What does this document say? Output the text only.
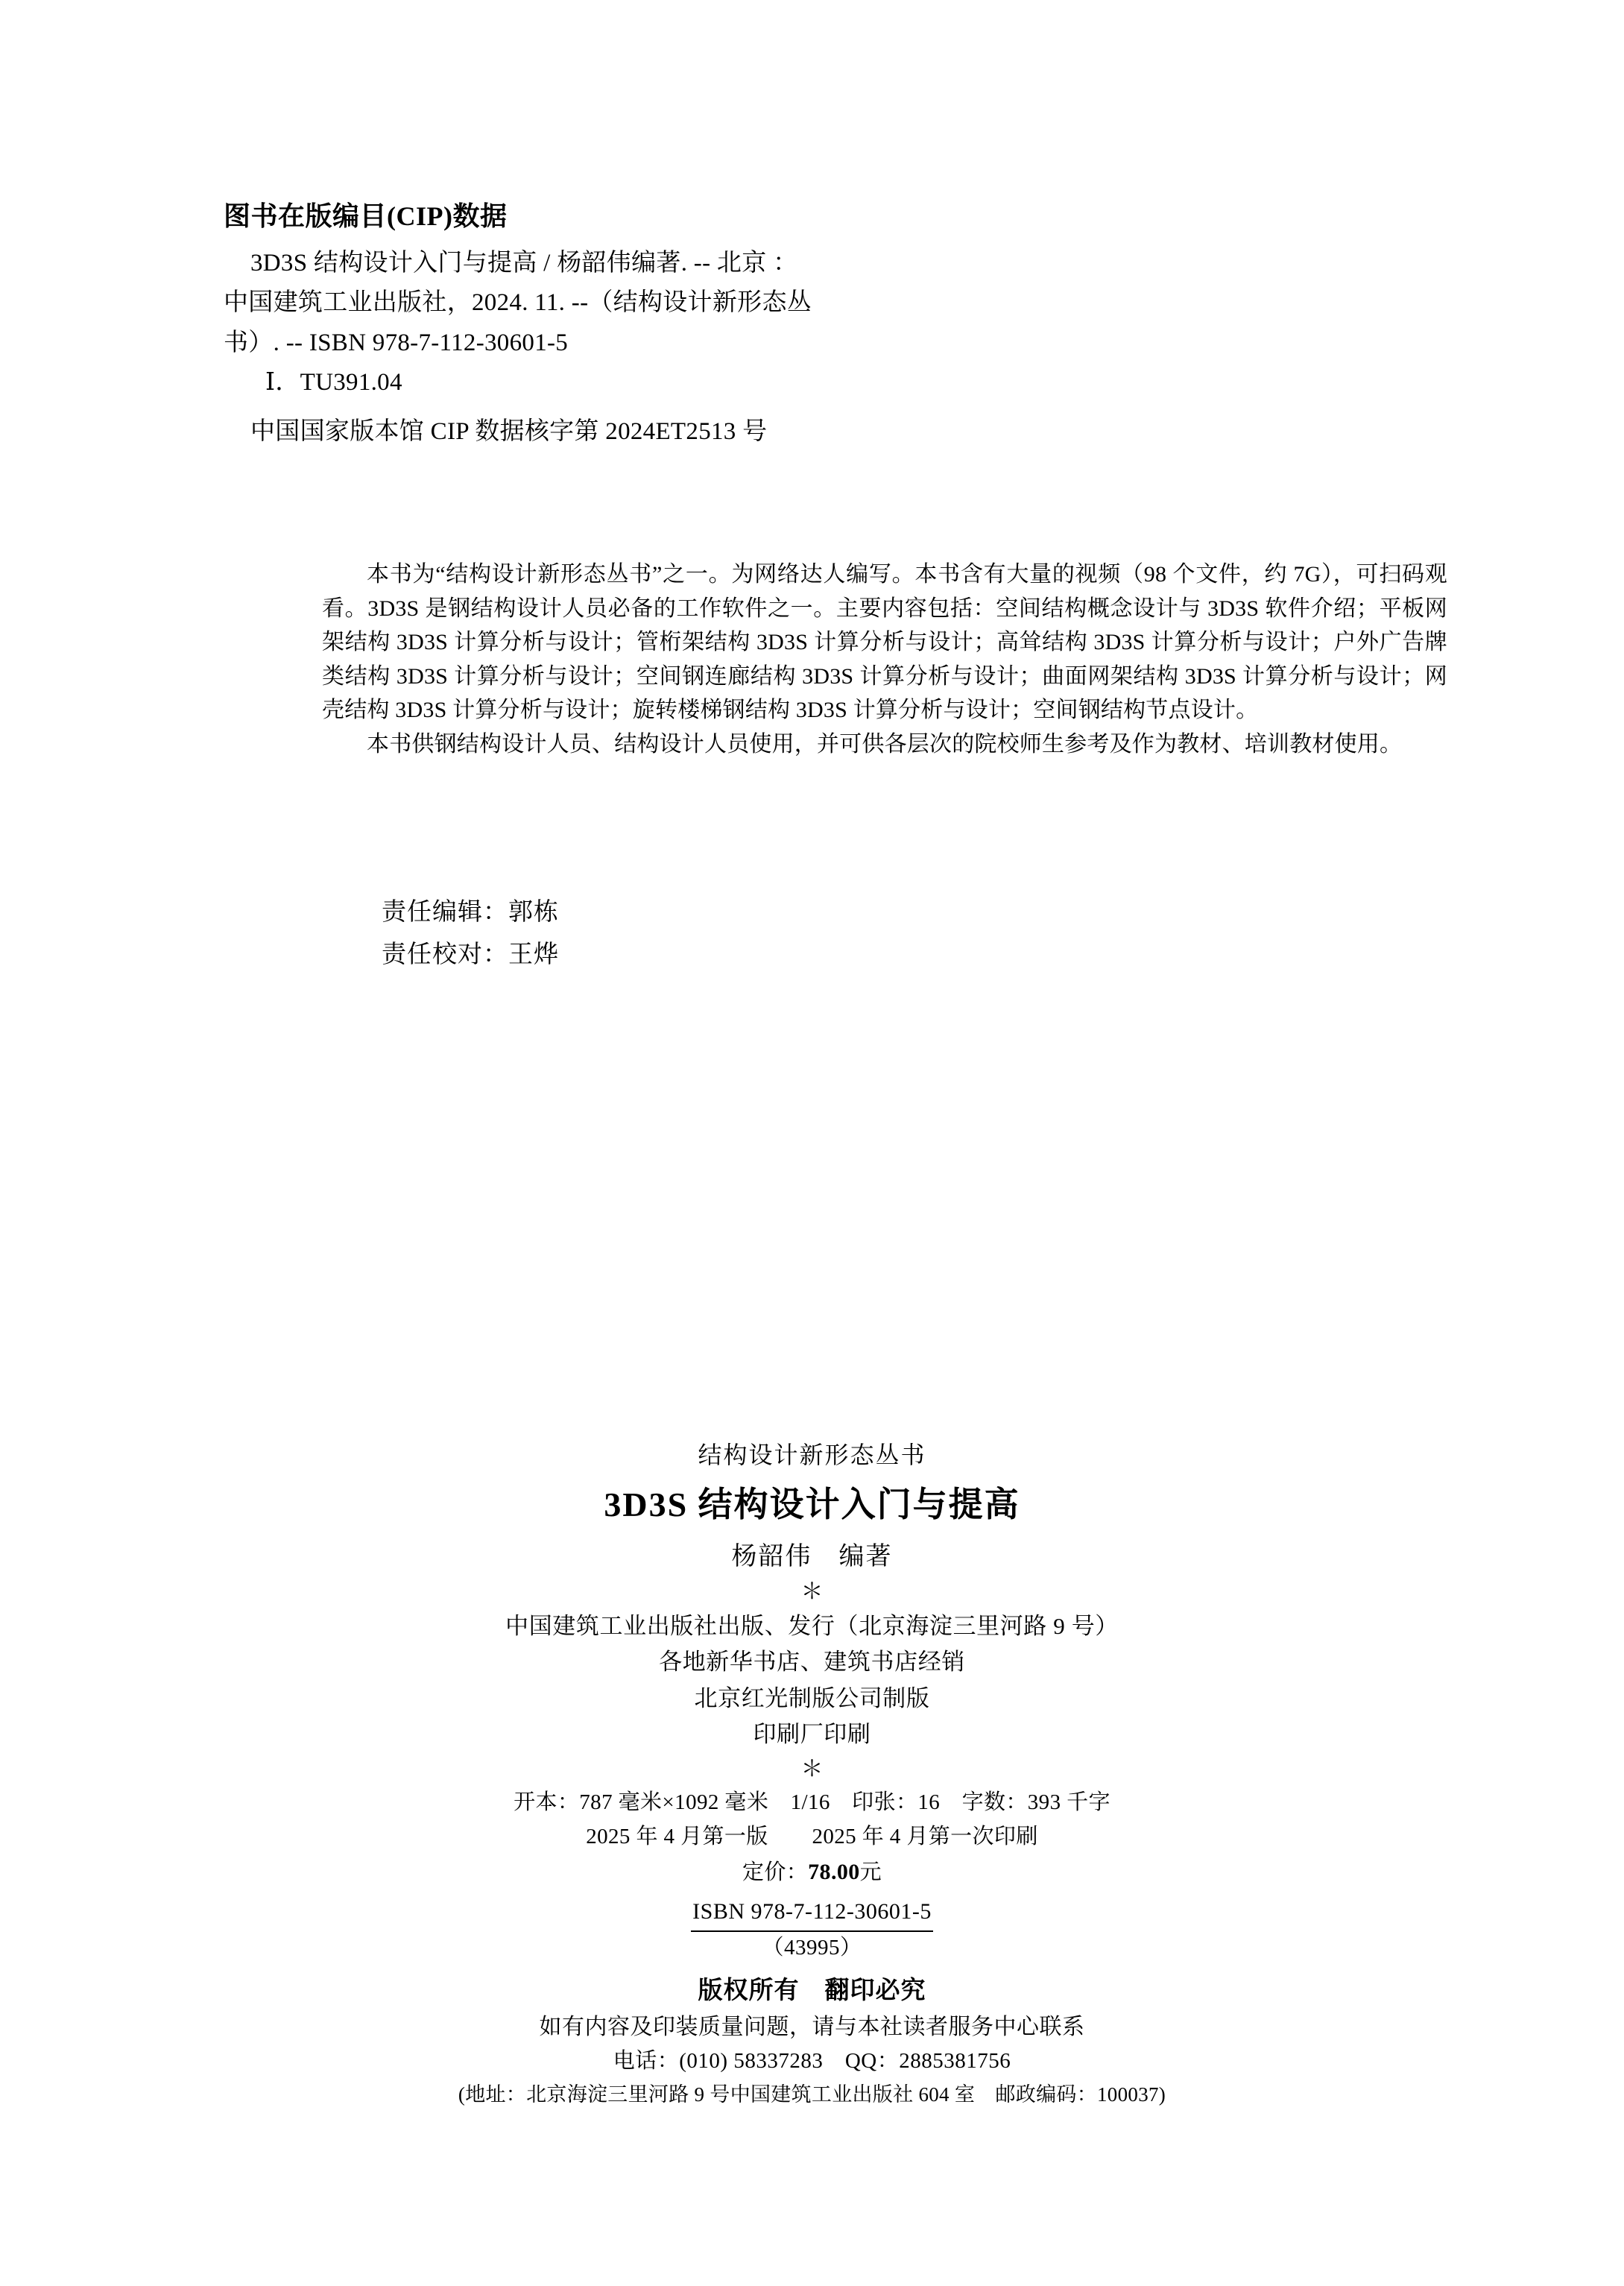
图书在版编目(CIP)数据
3D3S 结构设计入门与提高 / 杨韶伟编著. -- 北京 ：
中国建筑工业出版社，2024. 11. --（结构设计新形态丛
书）. -- ISBN 978-7-112-30601-5
Ⅰ．TU391.04
中国国家版本馆 CIP 数据核字第 2024ET2513 号

本书为“结构设计新形态丛书”之一。为网络达人编写。本书含有大量的视频（98 个文件，约 7G），可扫码观看。3D3S 是钢结构设计人员必备的工作软件之一。主要内容包括：空间结构概念设计与 3D3S 软件介绍；平板网架结构 3D3S 计算分析与设计；管桁架结构 3D3S 计算分析与设计；高耸结构 3D3S 计算分析与设计；户外广告牌类结构 3D3S 计算分析与设计；空间钢连廊结构 3D3S 计算分析与设计；曲面网架结构 3D3S 计算分析与设计；网壳结构 3D3S 计算分析与设计；旋转楼梯钢结构 3D3S 计算分析与设计；空间钢结构节点设计。

本书供钢结构设计人员、结构设计人员使用，并可供各层次的院校师生参考及作为教材、培训教材使用。

责任编辑：郭栋
责任校对：王烨
结构设计新形态丛书
3D3S 结构设计入门与提高
杨韶伟　编著
＊
中国建筑工业出版社出版、发行（北京海淀三里河路 9 号）
各地新华书店、建筑书店经销
北京红光制版公司制版
印刷厂印刷
＊
开本：787 毫米×1092 毫米　1/16　印张：16　字数：393 千字
2025 年 4 月第一版　　2025 年 4 月第一次印刷
定价：78.00元
ISBN 978-7-112-30601-5
（43995）
版权所有　翻印必究
如有内容及印装质量问题，请与本社读者服务中心联系
电话：(010) 58337283　QQ：2885381756
(地址：北京海淀三里河路 9 号中国建筑工业出版社 604 室　邮政编码：100037)
